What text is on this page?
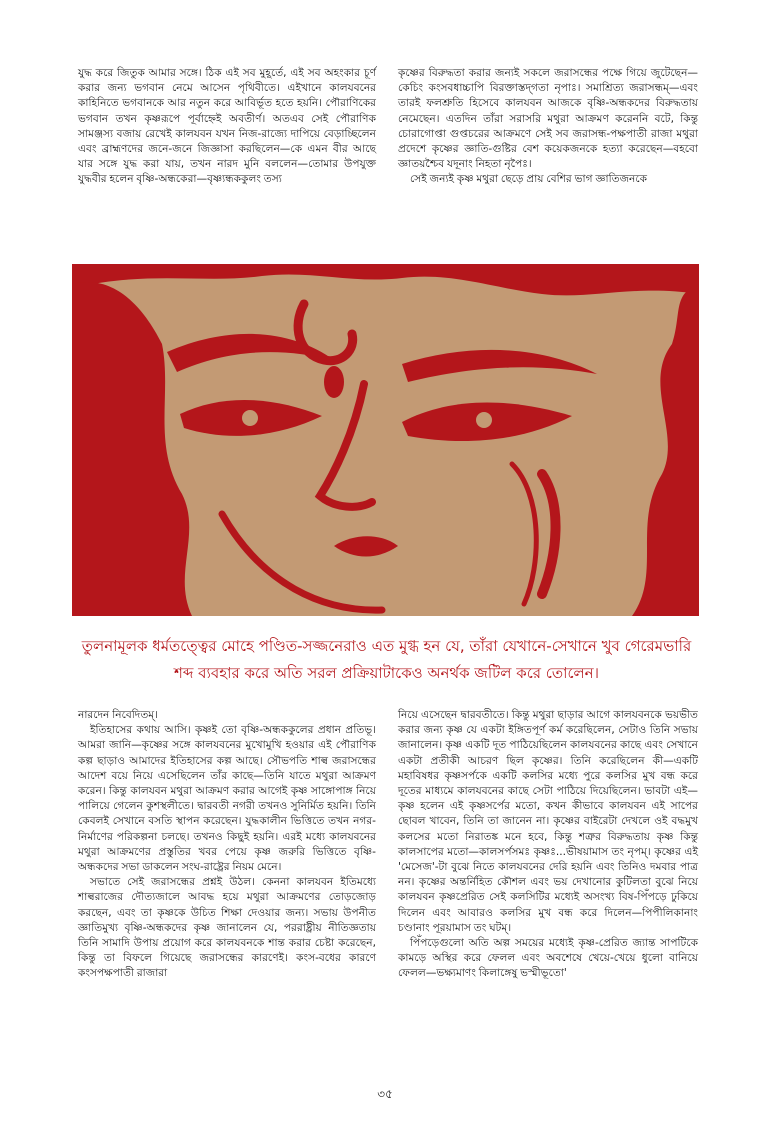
যুদ্ধ করে জিতুক আমার সঙ্গে। ঠিক এই সব মুহূর্তে, এই সব অহংকার চূর্ণ করার জন্য ভগবান নেমে আসেন পৃথিবীতে। এইখানে কালযবনের কাহিনিতে ভগবানকে আর নতুন করে আবির্ভূত হতে হয়নি। পৌরাণিকের ভগবান তখন কৃষ্ণরূপে পূর্বাহ্নেই অবতীর্ণ। অতএব সেই পৌরাণিক সামঞ্জস্য বজায় রেখেই কালযবন যখন নিজ-রাজ্যে দাপিয়ে বেড়াচ্ছিলেন এবং ব্রাহ্মণদের জনে-জনে জিজ্ঞাসা করছিলেন—কে এমন বীর আছে যার সঙ্গে যুদ্ধ করা যায়, তখন নারদ মুনি বললেন—তোমার উপযুক্ত যুদ্ধবীর হলেন বৃষ্ণি-অন্ধকেরা—বৃষ্ণ্যন্ধককুলং তস্য

কৃষ্ণের বিরুদ্ধতা করার জন্যই সকলে জরাসন্ধের পক্ষে গিয়ে জুটেছেন—কেচিং কংসবধাচ্চাপি বিরক্তাস্তদ্‌গতা নৃপাঃ। সমাশ্রিত্য জরাসন্ধম্‌—এবং তারই ফলশ্রুতি হিসেবে কালযবন আজকে বৃষ্ণি-অন্ধকদের বিরুদ্ধতায় নেমেছেন। এতদিন তাঁরা সরাসরি মথুরা আক্রমণ করেননি বটে, কিন্তু চোরাগোপ্তা গুপ্তচরের আক্রমণে সেই সব জরাসন্ধ-পক্ষপাতী রাজা মথুরা প্রদেশে কৃষ্ণের জ্ঞাতি-গুষ্টির বেশ কয়েকজনকে হত্যা করেছেন—বহবো জ্ঞাতয়শ্চৈব যদূনাং নিহতা নৃপৈঃ।

সেই জন্যই কৃষ্ণ মথুরা ছেড়ে প্রায় বেশির ভাগ জ্ঞাতিজনকে

তুলনামূলক ধর্মতত্ত্বের মোহে পণ্ডিত-সজ্জনেরাও এত মুগ্ধ হন যে, তাঁরা যেখানে-সেখানে খুব গেরেমভারি শব্দ ব্যবহার করে অতি সরল প্রক্রিয়াটাকেও অনর্থক জটিল করে তোলেন।

নারদেন নিবেদিতম্‌।

ইতিহাসের কথায় আসি। কৃষ্ণই তো বৃষ্ণি-অন্ধককুলের প্রধান প্রতিভূ। আমরা জানি—কৃষ্ণের সঙ্গে কালযবনের মুখোমুখি হওয়ার এই পৌরাণিক কল্প ছাড়াও আমাদের ইতিহাসের কল্প আছে। সৌভপতি শাল্ব জরাসন্ধের আদেশ বয়ে নিয়ে এসেছিলেন তাঁর কাছে—তিনি যাতে মথুরা আক্রমণ করেন। কিন্তু কালযবন মথুরা আক্রমণ করার আগেই কৃষ্ণ সাঙ্গোপাঙ্গ নিয়ে পালিয়ে গেলেন কুশস্থলীতে। দ্বারবতী নগরী তখনও সুনির্মিত হয়নি। তিনি কেবলই সেখানে বসতি স্থাপন করেছেন। যুদ্ধকালীন ভিত্তিতে তখন নগর-নির্মাণের পরিকল্পনা চলছে। তখনও কিছুই হয়নি। এরই মধ্যে কালযবনের মথুরা আক্রমণের প্রস্তুতির খবর পেয়ে কৃষ্ণ জরুরি ভিত্তিতে বৃষ্ণি-অন্ধকদের সভা ডাকলেন সংঘ-রাষ্ট্রের নিয়ম মেনে।

সভাতে সেই জরাসন্ধের প্রশ্নই উঠল। কেননা কালযবন ইতিমধ্যে শাল্বরাজের দৌত্যজালে আবদ্ধ হয়ে মথুরা আক্রমণের তোড়জোড় করছেন, এবং তা কৃষ্ণকে উচিত শিক্ষা দেওয়ার জন্য। সভায় উপনীত জ্ঞাতিমুখ্য বৃষ্ণি-অন্ধকদের কৃষ্ণ জানালেন যে, পররাষ্ট্রীয় নীতিজ্ঞতায় তিনি সামাদি উপায় প্রয়োগ করে কালযবনকে শান্ত করার চেষ্টা করেছেন, কিন্তু তা বিফলে গিয়েছে জরাসন্ধের কারণেই। কংস-বধের কারণে কংসপক্ষপাতী রাজারা

নিয়ে এসেছেন দ্বারবতীতে। কিন্তু মথুরা ছাড়ার আগে কালযবনকে ভয়ভীত করার জন্য কৃষ্ণ যে একটা ইঙ্গিতপূর্ণ কর্ম করেছিলেন, সেটাও তিনি সভায় জানালেন। কৃষ্ণ একটি দূত পাঠিয়েছিলেন কালযবনের কাছে এবং সেখানে একটা প্রতীকী আচরণ ছিল কৃষ্ণের। তিনি করেছিলেন কী—একটি মহাবিষধর কৃষ্ণসর্পকে একটি কলসির মধ্যে পুরে কলসির মুখ বন্ধ করে দূতের মাধ্যমে কালযবনের কাছে সেটা পাঠিয়ে দিয়েছিলেন। ভাবটা এই—কৃষ্ণ হলেন এই কৃষ্ণসর্পের মতো, কখন কীভাবে কালযবন এই সাপের ছোবল খাবেন, তিনি তা জানেন না। কৃষ্ণের বাইরেটা দেখলে ওই বদ্ধমুখ কলসের মতো নিরাতঙ্ক মনে হবে, কিন্তু শত্রুর বিরুদ্ধতায় কৃষ্ণ কিন্তু কালসাপের মতো—কালসর্পসমঃ কৃষ্ণঃ...ভীষয়ামাস তং নৃপম্‌। কৃষ্ণের এই 'মেসেজ'-টা বুঝে নিতে কালযবনের দেরি হয়নি এবং তিনিও দমবার পাত্র নন। কৃষ্ণের অন্তর্নিহিত কৌশল এবং ভয় দেখানোর কুটিলতা বুঝে নিয়ে কালযবন কৃষ্ণপ্রেরিত সেই কলসিটির মধ্যেই অসংখ্য বিষ-পিঁপড়ে ঢুকিয়ে দিলেন এবং আবারও কলসির মুখ বন্ধ করে দিলেন—পিপীলিকানাং চণ্ডানাং পূরয়ামাস তং ঘটম্‌।

পিঁপড়েগুলো অতি অল্প সময়ের মধ্যেই কৃষ্ণ-প্রেরিত জ্যান্ত সাপটিকে কামড়ে অস্থির করে ফেলল এবং অবশেষে খেয়ে-খেয়ে ধুলো বানিয়ে ফেলল—ভক্ষ্যমাণং কিলাঙ্গেষু ভস্মীভূতো'

৩৫
